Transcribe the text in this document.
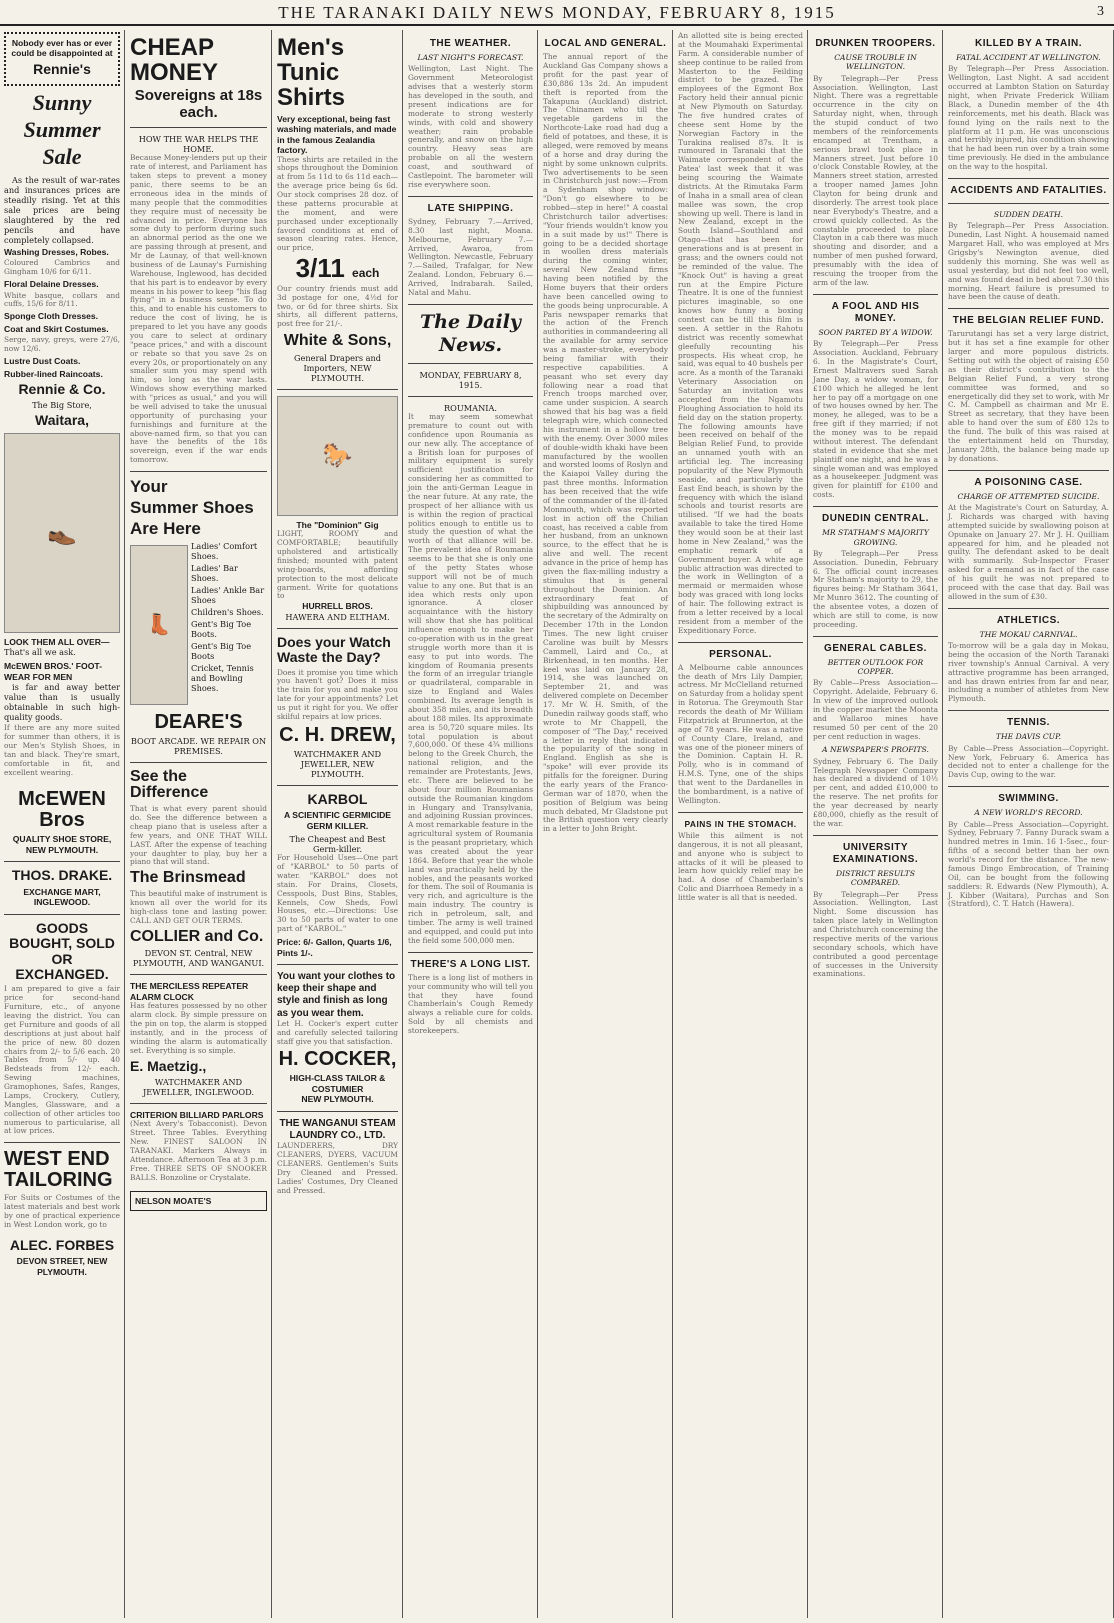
THE TARANAKI DAILY NEWS MONDAY, FEBRUARY 8, 1915	3
Nobody ever has or ever could be disappointed at
Rennie's
Sunny Summer Sale
As the result of war-rates and insurances prices are steadily rising. Yet at this sale prices are being slaughtered by the red pencils and have completely collapsed.
Washing Dresses, Robes.
Coloured Cambrics and Gingham 10/6 for 6/11.
Floral Delaine Dresses.
White basque, collars and cuffs, 15/6 for 8/11.
Sponge Cloth Dresses.
Coat and Skirt Costumes.
Serge, navy, greys, were 27/6, now 12/6.
Lustre Dust Coats.
Rubber-lined Raincoats.
Rennie & Co.
The Big Store,
Waitara,
👞
LOOK THEM ALL OVER—
That's all we ask.
McEWEN BROS.' FOOT-WEAR FOR MEN
is far and away better value than is usually obtainable in such high-quality goods.
If there are any more suited for summer than others, it is our Men's Stylish Shoes, in tan and black. They're smart, comfortable in fit, and excellent wearing.
McEWEN Bros
QUALITY SHOE STORE,
NEW PLYMOUTH.
THOS. DRAKE.
EXCHANGE MART, INGLEWOOD.
GOODS BOUGHT, SOLD OR EXCHANGED.
I am prepared to give a fair price for second-hand Furniture, etc., of anyone leaving the district. You can get Furniture and goods of all descriptions at just about half the price of new. 80 dozen chairs from 2/- to 5/6 each. 20 Tables from 5/- up. 40 Bedsteads from 12/- each. Sewing machines, Gramophones, Safes, Ranges, Lamps, Crockery, Cutlery, Mangles, Glassware, and a collection of other articles too numerous to particularise, all at low prices.
WEST END TAILORING
For Suits or Costumes of the latest materials and best work by one of practical experience in West London work, go to
ALEC. FORBES
DEVON STREET, NEW PLYMOUTH.
CHEAP MONEY
Sovereigns at 18s each.
HOW THE WAR HELPS THE HOME.
Because Money-lenders put up their rate of interest, and Parliament has taken steps to prevent a money panic, there seems to be an erroneous idea in the minds of many people that the commodities they require must of necessity be advanced in price. Everyone has some duty to perform during such an abnormal period as the one we are passing through at present, and Mr de Launay, of that well-known business of de Launay's Furnishing Warehouse, Inglewood, has decided that his part is to endeavor by every means in his power to keep "his flag flying" in a business sense. To do this, and to enable his customers to reduce the cost of living, he is prepared to let you have any goods you care to select at ordinary "peace prices," and with a discount or rebate so that you save 2s on every 20s, or proportionately on any smaller sum you may spend with him, so long as the war lasts. Windows show everything marked with "prices as usual," and you will be well advised to take the unusual opportunity of purchasing your furnishings and furniture at the above-named firm, so that you can have the benefits of the 18s sovereign, even if the war ends tomorrow.
Your
Summer Shoes
Are Here
👢
Ladies' Comfort Shoes.
Ladies' Bar Shoes.
Ladies' Ankle Bar Shoes
Children's Shoes.
Gent's Big Toe Boots.
Gent's Big Toe Boots
Cricket, Tennis and Bowling Shoes.
DEARE'S
BOOT ARCADE. WE REPAIR ON PREMISES.
See the Difference
That is what every parent should do. See the difference between a cheap piano that is useless after a few years, and ONE THAT WILL LAST. After the expense of teaching your daughter to play, buy her a piano that will stand.
The Brinsmead
This beautiful make of instrument is known all over the world for its high-class tone and lasting power. CALL AND GET OUR TERMS.
COLLIER and Co.
DEVON ST. Central, NEW PLYMOUTH, AND WANGANUI.
THE MERCILESS REPEATER ALARM CLOCK
Has features possessed by no other alarm clock. By simple pressure on the pin on top, the alarm is stopped instantly, and in the process of winding the alarm is automatically set. Everything is so simple.
E. Maetzig.,
WATCHMAKER AND JEWELLER, INGLEWOOD.
CRITERION BILLIARD PARLORS
(Next Avery's Tobacconist). Devon Street. Three Tables. Everything New. FINEST SALOON IN TARANAKI. Markers Always in Attendance. Afternoon Tea at 3 p.m. Free. THREE SETS OF SNOOKER BALLS. Bonzoline or Crystalate.
NELSON MOATE'S
Men's Tunic Shirts
Very exceptional, being fast washing materials, and made in the famous Zealandia factory.
These shirts are retailed in the shops throughout the Dominion at from 5s 11d to 6s 11d each—the average price being 6s 6d. Our stock comprises 28 doz. of these patterns procurable at the moment, and were purchased under exceptionally favored conditions at end of season clearing rates. Hence, our price,
3/11 each
Our country friends must add 3d postage for one, 4½d for two, or 6d for three shirts. Six shirts, all different patterns, post free for 21/-.
White & Sons,
General Drapers and Importers, NEW PLYMOUTH.
🐎
The "Dominion" Gig
LIGHT, ROOMY and COMFORTABLE; beautifully upholstered and artistically finished; mounted with patent wing-boards, affording protection to the most delicate garment. Write for quotations to
HURRELL BROS.
HAWERA AND ELTHAM.
Does your Watch Waste the Day?
Does it promise you time which you haven't got? Does it miss the train for you and make you late for your appointments? Let us put it right for you. We offer skilful repairs at low prices.
C. H. DREW,
WATCHMAKER AND JEWELLER, NEW PLYMOUTH.
KARBOL
A SCIENTIFIC GERMICIDE GERM KILLER.
The Cheapest and Best Germ-killer.
For Household Uses—One part of "KARBOL" to 50 parts of water. "KARBOL" does not stain. For Drains, Closets, Cesspools, Dust Bins, Stables, Kennels, Cow Sheds, Fowl Houses, etc.—Directions: Use 30 to 50 parts of water to one part of "KARBOL."
Price: 6/- Gallon, Quarts 1/6, Pints 1/-.
You want your clothes to keep their shape and style and finish as long as you wear them.
Let H. Cocker's expert cutter and carefully selected tailoring staff give you that satisfaction.
H. COCKER,
HIGH-CLASS TAILOR & COSTUMIER
NEW PLYMOUTH.
THE WANGANUI STEAM LAUNDRY CO., LTD.
LAUNDERERS, DRY CLEANERS, DYERS, VACUUM CLEANERS. Gentlemen's Suits Dry Cleaned and Pressed. Ladies' Costumes, Dry Cleaned and Pressed.
THE WEATHER.
LAST NIGHT'S FORECAST.
Wellington, Last Night. The Government Meteorologist advises that a westerly storm has developed in the south, and present indications are for moderate to strong westerly winds, with cold and showery weather; rain probable generally, and snow on the high country. Heavy seas are probable on all the western coast, and southward of Castlepoint. The barometer will rise everywhere soon.
LATE SHIPPING.
Sydney, February 7.—Arrived, 8.30 last night, Moana. Melbourne, February 7.—Arrived, Awaroa, from Wellington. Newcastle, February 7.—Sailed, Trafalgar, for New Zealand. London, February 6.—Arrived, Indrabarah. Sailed, Natal and Mahu.
The Daily News.
MONDAY, FEBRUARY 8, 1915.
ROUMANIA.
It may seem somewhat premature to count out with confidence upon Roumania as our new ally. The acceptance of a British loan for purposes of military equipment is surely sufficient justification for considering her as committed to join the anti-German League in the near future. At any rate, the prospect of her alliance with us is within the region of practical politics enough to entitle us to study the question of what the worth of that alliance will be. The prevalent idea of Roumania seems to be that she is only one of the petty States whose support will not be of much value to any one. But that is an idea which rests only upon ignorance. A closer acquaintance with the history will show that she has political influence enough to make her co-operation with us in the great struggle worth more than it is easy to put into words. The kingdom of Roumania presents the form of an irregular triangle or quadrilateral, comparable in size to England and Wales combined. Its average length is about 358 miles, and its breadth about 188 miles. Its approximate area is 50,720 square miles. Its total population is about 7,600,000. Of these 4¾ millions belong to the Greek Church, the national religion, and the remainder are Protestants, Jews, etc. There are believed to be about four million Roumanians outside the Roumanian kingdom in Hungary and Transylvania, and adjoining Russian provinces. A most remarkable feature in the agricultural system of Roumania is the peasant proprietary, which was created about the year 1864. Before that year the whole land was practically held by the nobles, and the peasants worked for them. The soil of Roumania is very rich, and agriculture is the main industry. The country is rich in petroleum, salt, and timber. The army is well trained and equipped, and could put into the field some 500,000 men.
THERE'S A LONG LIST.
There is a long list of mothers in your community who will tell you that they have found Chamberlain's Cough Remedy always a reliable cure for colds. Sold by all chemists and storekeepers.
LOCAL AND GENERAL.
The annual report of the Auckland Gas Company shows a profit for the past year of £30,886 13s 2d. An impudent theft is reported from the Takapuna (Auckland) district. The Chinamen who till the vegetable gardens in the Northcote-Lake road had dug a field of potatoes, and these, it is alleged, were removed by means of a horse and dray during the night by some unknown culprits. Two advertisements to be seen in Christchurch just now:—From a Sydenham shop window: "Don't go elsewhere to be robbed—step in here!" A coastal Christchurch tailor advertises: "Your friends wouldn't know you in a suit made by us!" There is going to be a decided shortage in woollen dress materials during the coming winter, several New Zealand firms having been notified by the Home buyers that their orders have been cancelled owing to the goods being unprocurable. A Paris newspaper remarks that the action of the French authorities in commandeering all the available for army service was a master-stroke, everybody being familiar with their respective capabilities. A peasant who set every day following near a road that French troops marched over, came under suspicion. A search showed that his bag was a field telegraph wire, which connected his instrument in a hollow tree with the enemy. Over 3000 miles of double-width khaki have been manufactured by the woollen and worsted looms of Roslyn and the Kaiapoi Valley during the past three months. Information has been received that the wife of the commander of the ill-fated Monmouth, which was reported lost in action off the Chilian coast, has received a cable from her husband, from an unknown source, to the effect that he is alive and well. The recent advance in the price of hemp has given the flax-milling industry a stimulus that is general throughout the Dominion. An extraordinary feat of shipbuilding was announced by the secretary of the Admiralty on December 17th in the London Times. The new light cruiser Caroline was built by Messrs Cammell, Laird and Co., at Birkenhead, in ten months. Her keel was laid on January 28, 1914, she was launched on September 21, and was delivered complete on December 17. Mr W. H. Smith, of the Dunedin railway goods staff, who wrote to Mr Chappell, the composer of "The Day," received a letter in reply that indicated the popularity of the song in England. English as she is "spoke" will ever provide its pitfalls for the foreigner. During the early years of the Franco-German war of 1870, when the position of Belgium was being much debated, Mr Gladstone put the British question very clearly in a letter to John Bright.
An allotted site is being erected at the Moumahaki Experimental Farm. A considerable number of sheep continue to be railed from Masterton to the Feilding district to be grazed. The employees of the Egmont Box Factory held their annual picnic at New Plymouth on Saturday. The five hundred crates of cheese sent Home by the Norwegian Factory in the Turakina realised 87s. It is rumoured in Taranaki that the Waimate correspondent of the Patea' last week that it was being scouring the Waimate districts. At the Rimutaka Farm of Inaha in a small area of clean mallee was sown, the crop showing up well. There is land in New Zealand, except in the South Island—Southland and Otago—that has been for generations and is at present in grass; and the owners could not be reminded of the value. The "Knock Out" is having a great run at the Empire Picture Theatre. It is one of the funniest pictures imaginable, so one knows how funny a boxing contest can be till this film is seen. A settler in the Rahotu district was recently somewhat gleefully recounting his prospects. His wheat crop, he said, was equal to 40 bushels per acre. As a month of the Taranaki Veterinary Association on Saturday an invitation was accepted from the Ngamotu Ploughing Association to hold its field day on the station property. The following amounts have been received on behalf of the Belgian Relief Fund, to provide an unnamed youth with an artificial leg. The increasing popularity of the New Plymouth seaside, and particularly the East End beach, is shown by the frequency with which the island schools and tourist resorts are utilised. "If we had the boats available to take the tired Home they would soon be at their last home in New Zealand," was the emphatic remark of a Government buyer. A white age public attraction was directed to the work in Wellington of a mermaid or mermaiden whose body was graced with long locks of hair. The following extract is from a letter received by a local resident from a member of the Expeditionary Force.
PERSONAL.
A Melbourne cable announces the death of Mrs Lily Dampier, actress. Mr McClelland returned on Saturday from a holiday spent in Rotorua. The Greymouth Star records the death of Mr William Fitzpatrick at Brunnerton, at the age of 78 years. He was a native of County Clare, Ireland, and was one of the pioneer miners of the Dominion. Captain H. R. Polly, who is in command of H.M.S. Tyne, one of the ships that went to the Dardanelles in the bombardment, is a native of Wellington.
PAINS IN THE STOMACH.
While this ailment is not dangerous, it is not all pleasant, and anyone who is subject to attacks of it will be pleased to learn how quickly relief may be had. A dose of Chamberlain's Colic and Diarrhoea Remedy in a little water is all that is needed.
DRUNKEN TROOPERS.
CAUSE TROUBLE IN WELLINGTON.
By Telegraph—Per Press Association. Wellington, Last Night. There was a regrettable occurrence in the city on Saturday night, when, through the stupid conduct of two members of the reinforcements encamped at Trentham, a serious brawl took place in Manners street. Just before 10 o'clock Constable Rowley, at the Manners street station, arrested a trooper named James John Clayton for being drunk and disorderly. The arrest took place near Everybody's Theatre, and a crowd quickly collected. As the constable proceeded to place Clayton in a cab there was much shouting and disorder, and a number of men pushed forward, presumably with the idea of rescuing the trooper from the arm of the law.
A FOOL AND HIS MONEY.
SOON PARTED BY A WIDOW.
By Telegraph—Per Press Association. Auckland, February 6. In the Magistrate's Court, Ernest Maltravers sued Sarah Jane Day, a widow woman, for £100 which he alleged he lent her to pay off a mortgage on one of two houses owned by her. The money, he alleged, was to be a free gift if they married; if not the money was to be repaid without interest. The defendant stated in evidence that she met plaintiff one night, and he was a single woman and was employed as a housekeeper. Judgment was given for plaintiff for £100 and costs.
DUNEDIN CENTRAL.
MR STATHAM'S MAJORITY GROWING.
By Telegraph—Per Press Association. Dunedin, February 6. The official count increases Mr Statham's majority to 29, the figures being: Mr Statham 3641, Mr Munro 3612. The counting of the absentee votes, a dozen of which are still to come, is now proceeding.
GENERAL CABLES.
BETTER OUTLOOK FOR COPPER.
By Cable—Press Association—Copyright. Adelaide, February 6. In view of the improved outlook in the copper market the Moonta and Wallaroo mines have resumed 50 per cent of the 20 per cent reduction in wages.
A NEWSPAPER'S PROFITS.
Sydney, February 6. The Daily Telegraph Newspaper Company has declared a dividend of 10½ per cent, and added £10,000 to the reserve. The net profits for the year decreased by nearly £80,000, chiefly as the result of the war.
UNIVERSITY EXAMINATIONS.
DISTRICT RESULTS COMPARED.
By Telegraph—Per Press Association. Wellington, Last Night. Some discussion has taken place lately in Wellington and Christchurch concerning the respective merits of the various secondary schools, which have contributed a good percentage of successes in the University examinations.
KILLED BY A TRAIN.
FATAL ACCIDENT AT WELLINGTON.
By Telegraph—Per Press Association. Wellington, Last Night. A sad accident occurred at Lambton Station on Saturday night, when Private Frederick William Black, a Dunedin member of the 4th reinforcements, met his death. Black was found lying on the rails next to the platform at 11 p.m. He was unconscious and terribly injured, his condition showing that he had been run over by a train some time previously. He died in the ambulance on the way to the hospital.
ACCIDENTS AND FATALITIES.
SUDDEN DEATH.
By Telegraph—Per Press Association. Dunedin, Last Night. A housemaid named Margaret Hall, who was employed at Mrs Grigsby's Newington avenue, died suddenly this morning. She was well as usual yesterday, but did not feel too well, and was found dead in bed about 7.30 this morning. Heart failure is presumed to have been the cause of death.
THE BELGIAN RELIEF FUND.
Tarurutangi has set a very large district, but it has set a fine example for other larger and more populous districts. Setting out with the object of raising £50 as their district's contribution to the Belgian Relief Fund, a very strong committee was formed, and so energetically did they set to work, with Mr C. M. Campbell as chairman and Mr E. Street as secretary, that they have been able to hand over the sum of £80 12s to the fund. The bulk of this was raised at the entertainment held on Thursday, January 28th, the balance being made up by donations.
A POISONING CASE.
CHARGE OF ATTEMPTED SUICIDE.
At the Magistrate's Court on Saturday, A. J. Richards was charged with having attempted suicide by swallowing poison at Opunake on January 27. Mr J. H. Quilliam appeared for him, and he pleaded not guilty. The defendant asked to be dealt with summarily. Sub-Inspector Fraser asked for a remand as in fact of the case of his guilt he was not prepared to proceed with the case that day. Bail was allowed in the sum of £30.
ATHLETICS.
THE MOKAU CARNIVAL.
To-morrow will be a gala day in Mokau, being the occasion of the North Taranaki river township's Annual Carnival. A very attractive programme has been arranged, and has drawn entries from far and near, including a number of athletes from New Plymouth.
TENNIS.
THE DAVIS CUP.
By Cable—Press Association—Copyright. New York, February 6. America has decided not to enter a challenge for the Davis Cup, owing to the war.
SWIMMING.
A NEW WORLD'S RECORD.
By Cable—Press Association—Copyright. Sydney, February 7. Fanny Durack swam a hundred metres in 1min. 16 1-5sec., four-fifths of a second better than her own world's record for the distance. The new-famous Dingo Embrocation, of Training Oil, can be bought from the following saddlers: R. Edwards (New Plymouth), A. J. Kibber (Waitara), Purchas and Son (Stratford), C. T. Hatch (Hawera).
